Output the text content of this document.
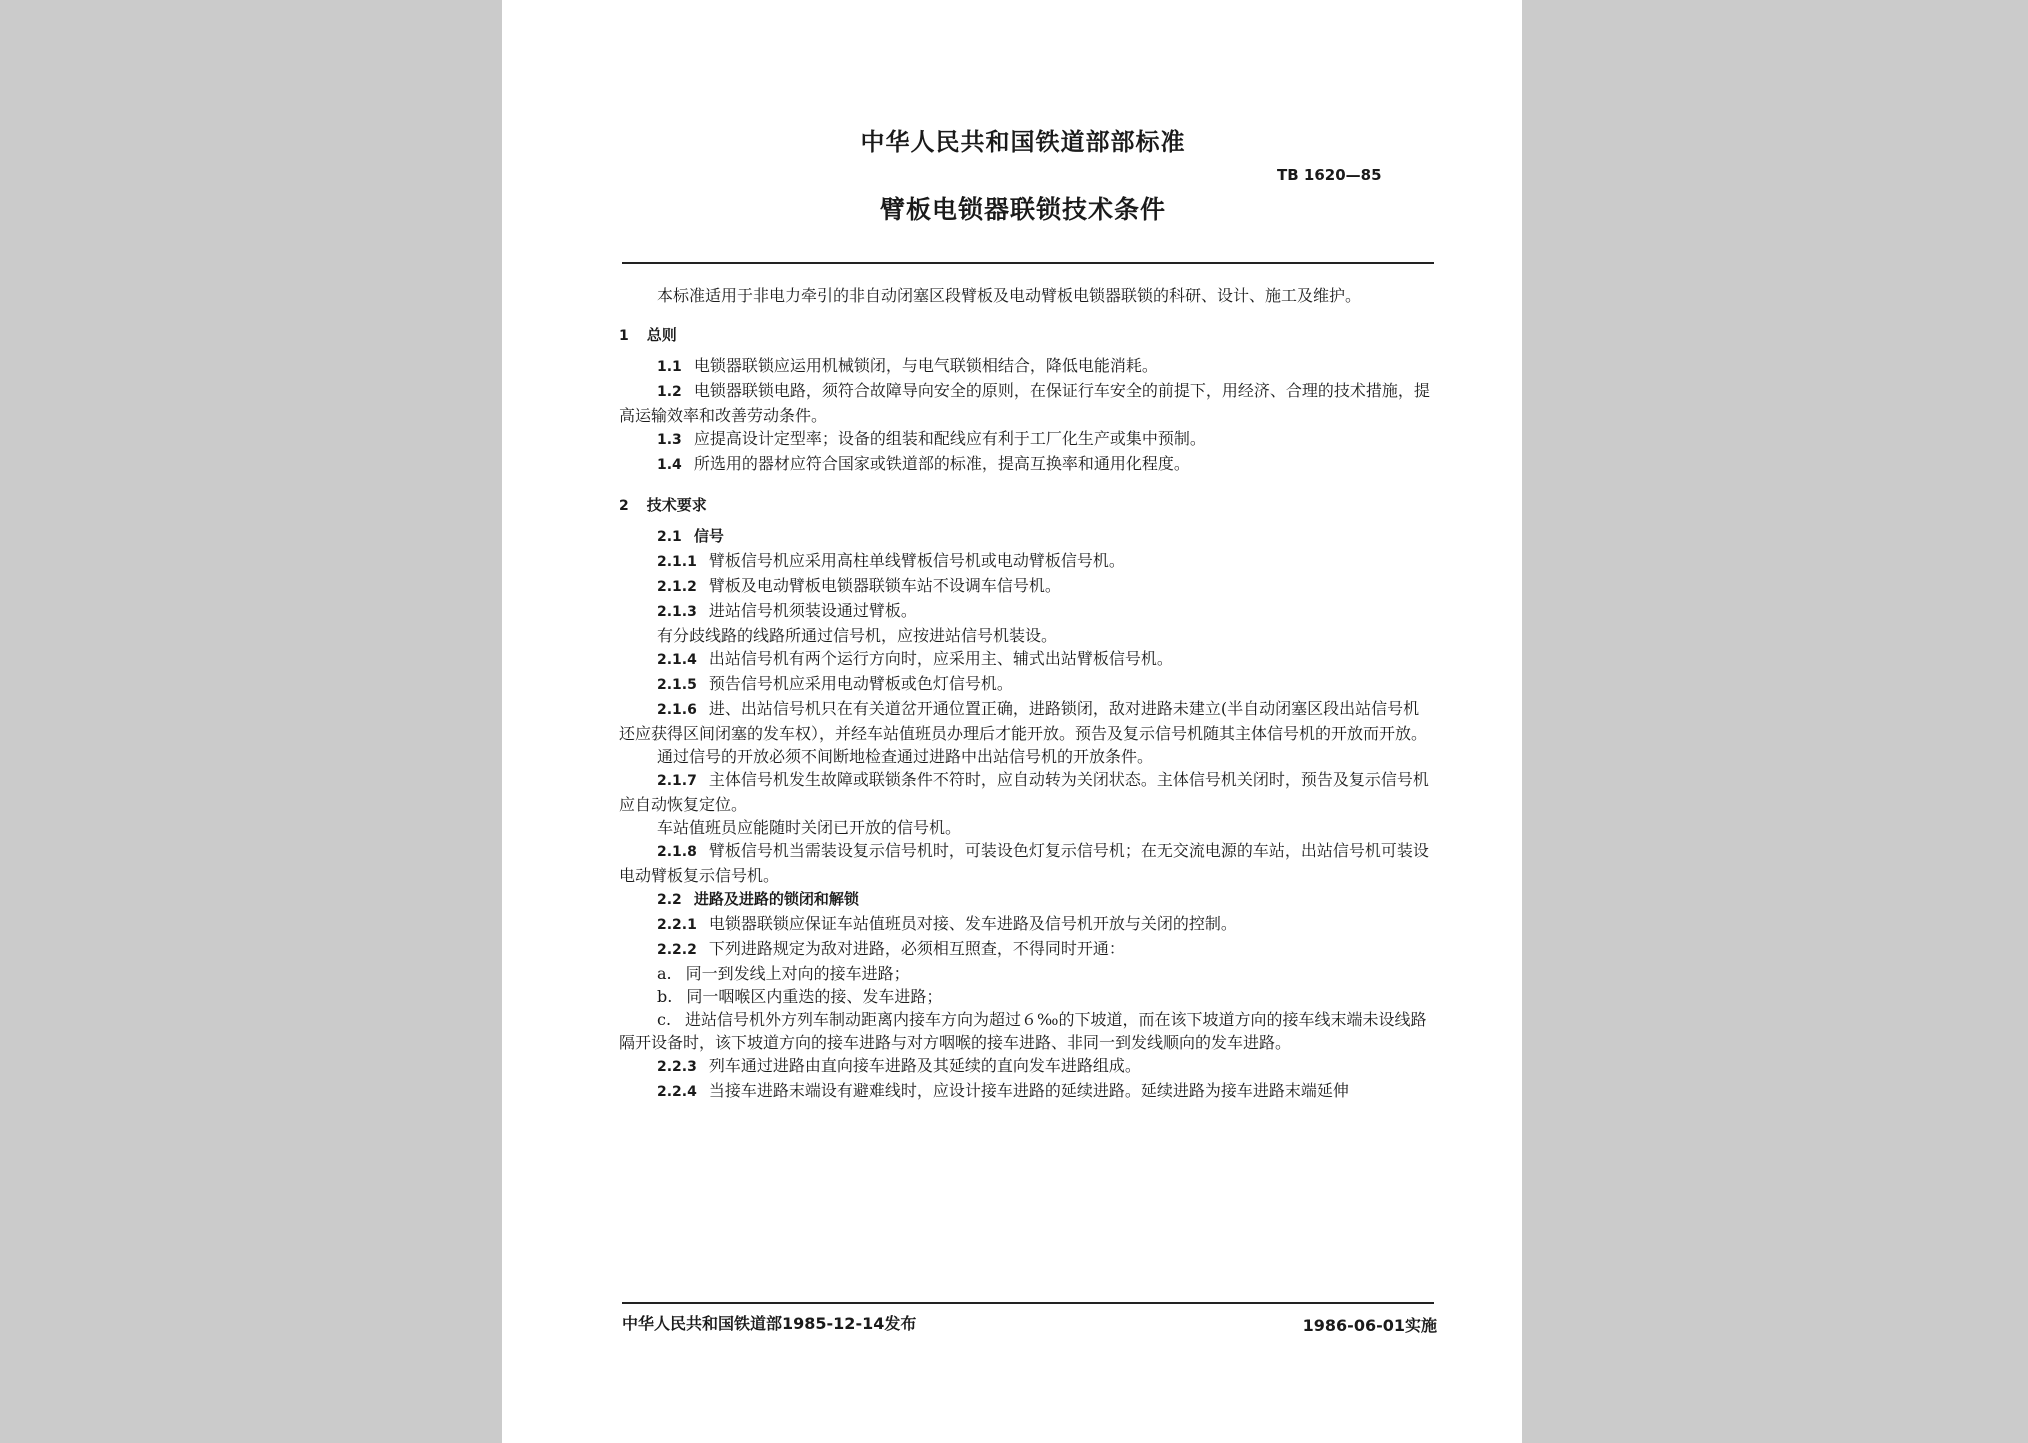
中华人民共和国铁道部部标准
TB 1620—85
臂板电锁器联锁技术条件

本标准适用于非电力牵引的非自动闭塞区段臂板及电动臂板电锁器联锁的科研、设计、施工及维护。

1 总则

1.1 电锁器联锁应运用机械锁闭，与电气联锁相结合，降低电能消耗。

1.2 电锁器联锁电路，须符合故障导向安全的原则，在保证行车安全的前提下，用经济、合理的技术措施，提高运输效率和改善劳动条件。

1.3 应提高设计定型率；设备的组装和配线应有利于工厂化生产或集中预制。

1.4 所选用的器材应符合国家或铁道部的标准，提高互换率和通用化程度。

2 技术要求

2.1 信号

2.1.1 臂板信号机应采用高柱单线臂板信号机或电动臂板信号机。

2.1.2 臂板及电动臂板电锁器联锁车站不设调车信号机。

2.1.3 进站信号机须装设通过臂板。

有分歧线路的线路所通过信号机，应按进站信号机装设。

2.1.4 出站信号机有两个运行方向时，应采用主、辅式出站臂板信号机。

2.1.5 预告信号机应采用电动臂板或色灯信号机。

2.1.6 进、出站信号机只在有关道岔开通位置正确，进路锁闭，敌对进路未建立(半自动闭塞区段出站信号机还应获得区间闭塞的发车权），并经车站值班员办理后才能开放。预告及复示信号机随其主体信号机的开放而开放。

通过信号的开放必须不间断地检查通过进路中出站信号机的开放条件。

2.1.7 主体信号机发生故障或联锁条件不符时，应自动转为关闭状态。主体信号机关闭时，预告及复示信号机应自动恢复定位。

车站值班员应能随时关闭已开放的信号机。

2.1.8 臂板信号机当需装设复示信号机时，可装设色灯复示信号机；在无交流电源的车站，出站信号机可装设电动臂板复示信号机。

2.2 进路及进路的锁闭和解锁

2.2.1 电锁器联锁应保证车站值班员对接、发车进路及信号机开放与关闭的控制。

2.2.2 下列进路规定为敌对进路，必须相互照查，不得同时开通：

a. 同一到发线上对向的接车进路；

b. 同一咽喉区内重迭的接、发车进路；

c. 进站信号机外方列车制动距离内接车方向为超过６‰的下坡道，而在该下坡道方向的接车线末端未设线路隔开设备时，该下坡道方向的接车进路与对方咽喉的接车进路、非同一到发线顺向的发车进路。

2.2.3 列车通过进路由直向接车进路及其延续的直向发车进路组成。

2.2.4 当接车进路末端设有避难线时，应设计接车进路的延续进路。延续进路为接车进路末端延伸

中华人民共和国铁道部1985-12-14发布	1986-06-01实施
